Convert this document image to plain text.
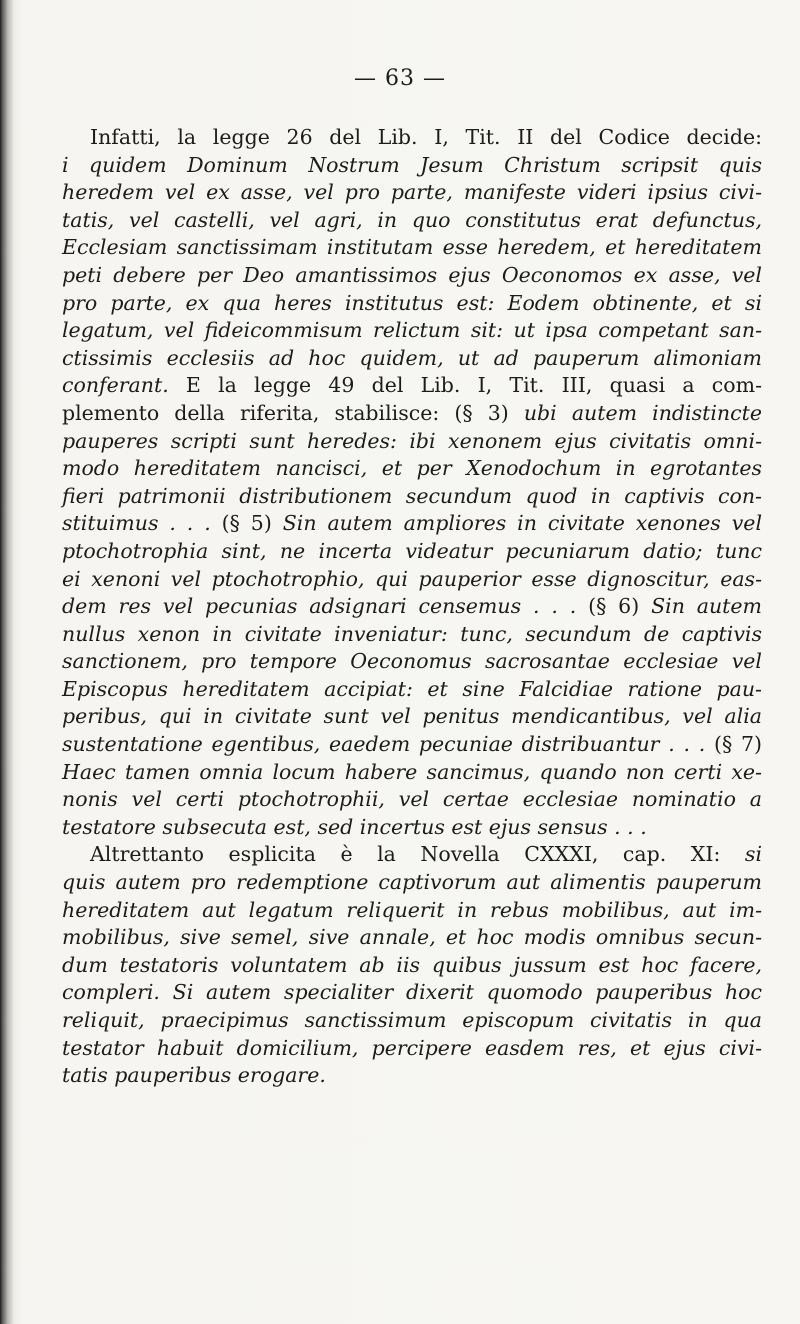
— 63 —
Infatti, la legge 26 del Lib. I, Tit. II del Codice decide:
i quidem Dominum Nostrum Jesum Christum scripsit quis
heredem vel ex asse, vel pro parte, manifeste videri ipsius civi-
tatis, vel castelli, vel agri, in quo constitutus erat defunctus,
Ecclesiam sanctissimam institutam esse heredem, et hereditatem
peti debere per Deo amantissimos ejus Oeconomos ex asse, vel
pro parte, ex qua heres institutus est: Eodem obtinente, et si
legatum, vel fideicommisum relictum sit: ut ipsa competant san-
ctissimis ecclesiis ad hoc quidem, ut ad pauperum alimoniam
conferant. E la legge 49 del Lib. I, Tit. III, quasi a com-
plemento della riferita, stabilisce: (§ 3) ubi autem indistincte
pauperes scripti sunt heredes: ibi xenonem ejus civitatis omni-
modo hereditatem nancisci, et per Xenodochum in egrotantes
fieri patrimonii distributionem secundum quod in captivis con-
stituimus . . . (§ 5) Sin autem ampliores in civitate xenones vel
ptochotrophia sint, ne incerta videatur pecuniarum datio; tunc
ei xenoni vel ptochotrophio, qui pauperior esse dignoscitur, eas-
dem res vel pecunias adsignari censemus . . . (§ 6) Sin autem
nullus xenon in civitate inveniatur: tunc, secundum de captivis
sanctionem, pro tempore Oeconomus sacrosantae ecclesiae vel
Episcopus hereditatem accipiat: et sine Falcidiae ratione pau-
peribus, qui in civitate sunt vel penitus mendicantibus, vel alia
sustentatione egentibus, eaedem pecuniae distribuantur . . . (§ 7)
Haec tamen omnia locum habere sancimus, quando non certi xe-
nonis vel certi ptochotrophii, vel certae ecclesiae nominatio a
testatore subsecuta est, sed incertus est ejus sensus . . .
Altrettanto esplicita è la Novella CXXXI, cap. XI: si
quis autem pro redemptione captivorum aut alimentis pauperum
hereditatem aut legatum reliquerit in rebus mobilibus, aut im-
mobilibus, sive semel, sive annale, et hoc modis omnibus secun-
dum testatoris voluntatem ab iis quibus jussum est hoc facere,
compleri. Si autem specialiter dixerit quomodo pauperibus hoc
reliquit, praecipimus sanctissimum episcopum civitatis in qua
testator habuit domicilium, percipere easdem res, et ejus civi-
tatis pauperibus erogare.
